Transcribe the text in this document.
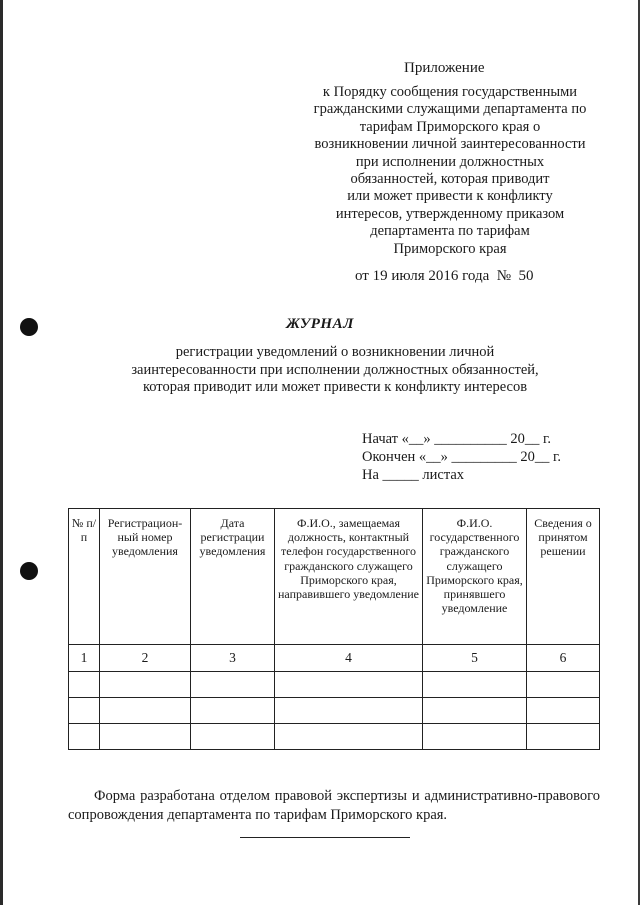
Приложение
к Порядку сообщения государственными
гражданскими служащими департамента по
тарифам Приморского края о
возникновении личной заинтересованности
при исполнении должностных
обязанностей, которая приводит
или может привести к конфликту
интересов, утвержденному приказом
департамента по тарифам
Приморского края
от 19 июля 2016 года  №  50
ЖУРНАЛ
регистрации уведомлений о возникновении личной
заинтересованности при исполнении должностных обязанностей,
которая приводит или может привести к конфликту интересов
Начат «__» __________ 20__ г.
Окончен «__» _________ 20__ г.
На _____ листах
№ п/п	Регистрацион-ный номер уведомления	Дата регистрации уведомления	Ф.И.О., замещаемая должность, контактный телефон государственного гражданского служащего Приморского края, направившего уведомление	Ф.И.О. государственного гражданского служащего Приморского края, принявшего уведомление	Сведения о принятом решении
1	2	3	4	5	6

Форма разработана отделом правовой экспертизы и административно-правового сопровождения департамента по тарифам Приморского края.
